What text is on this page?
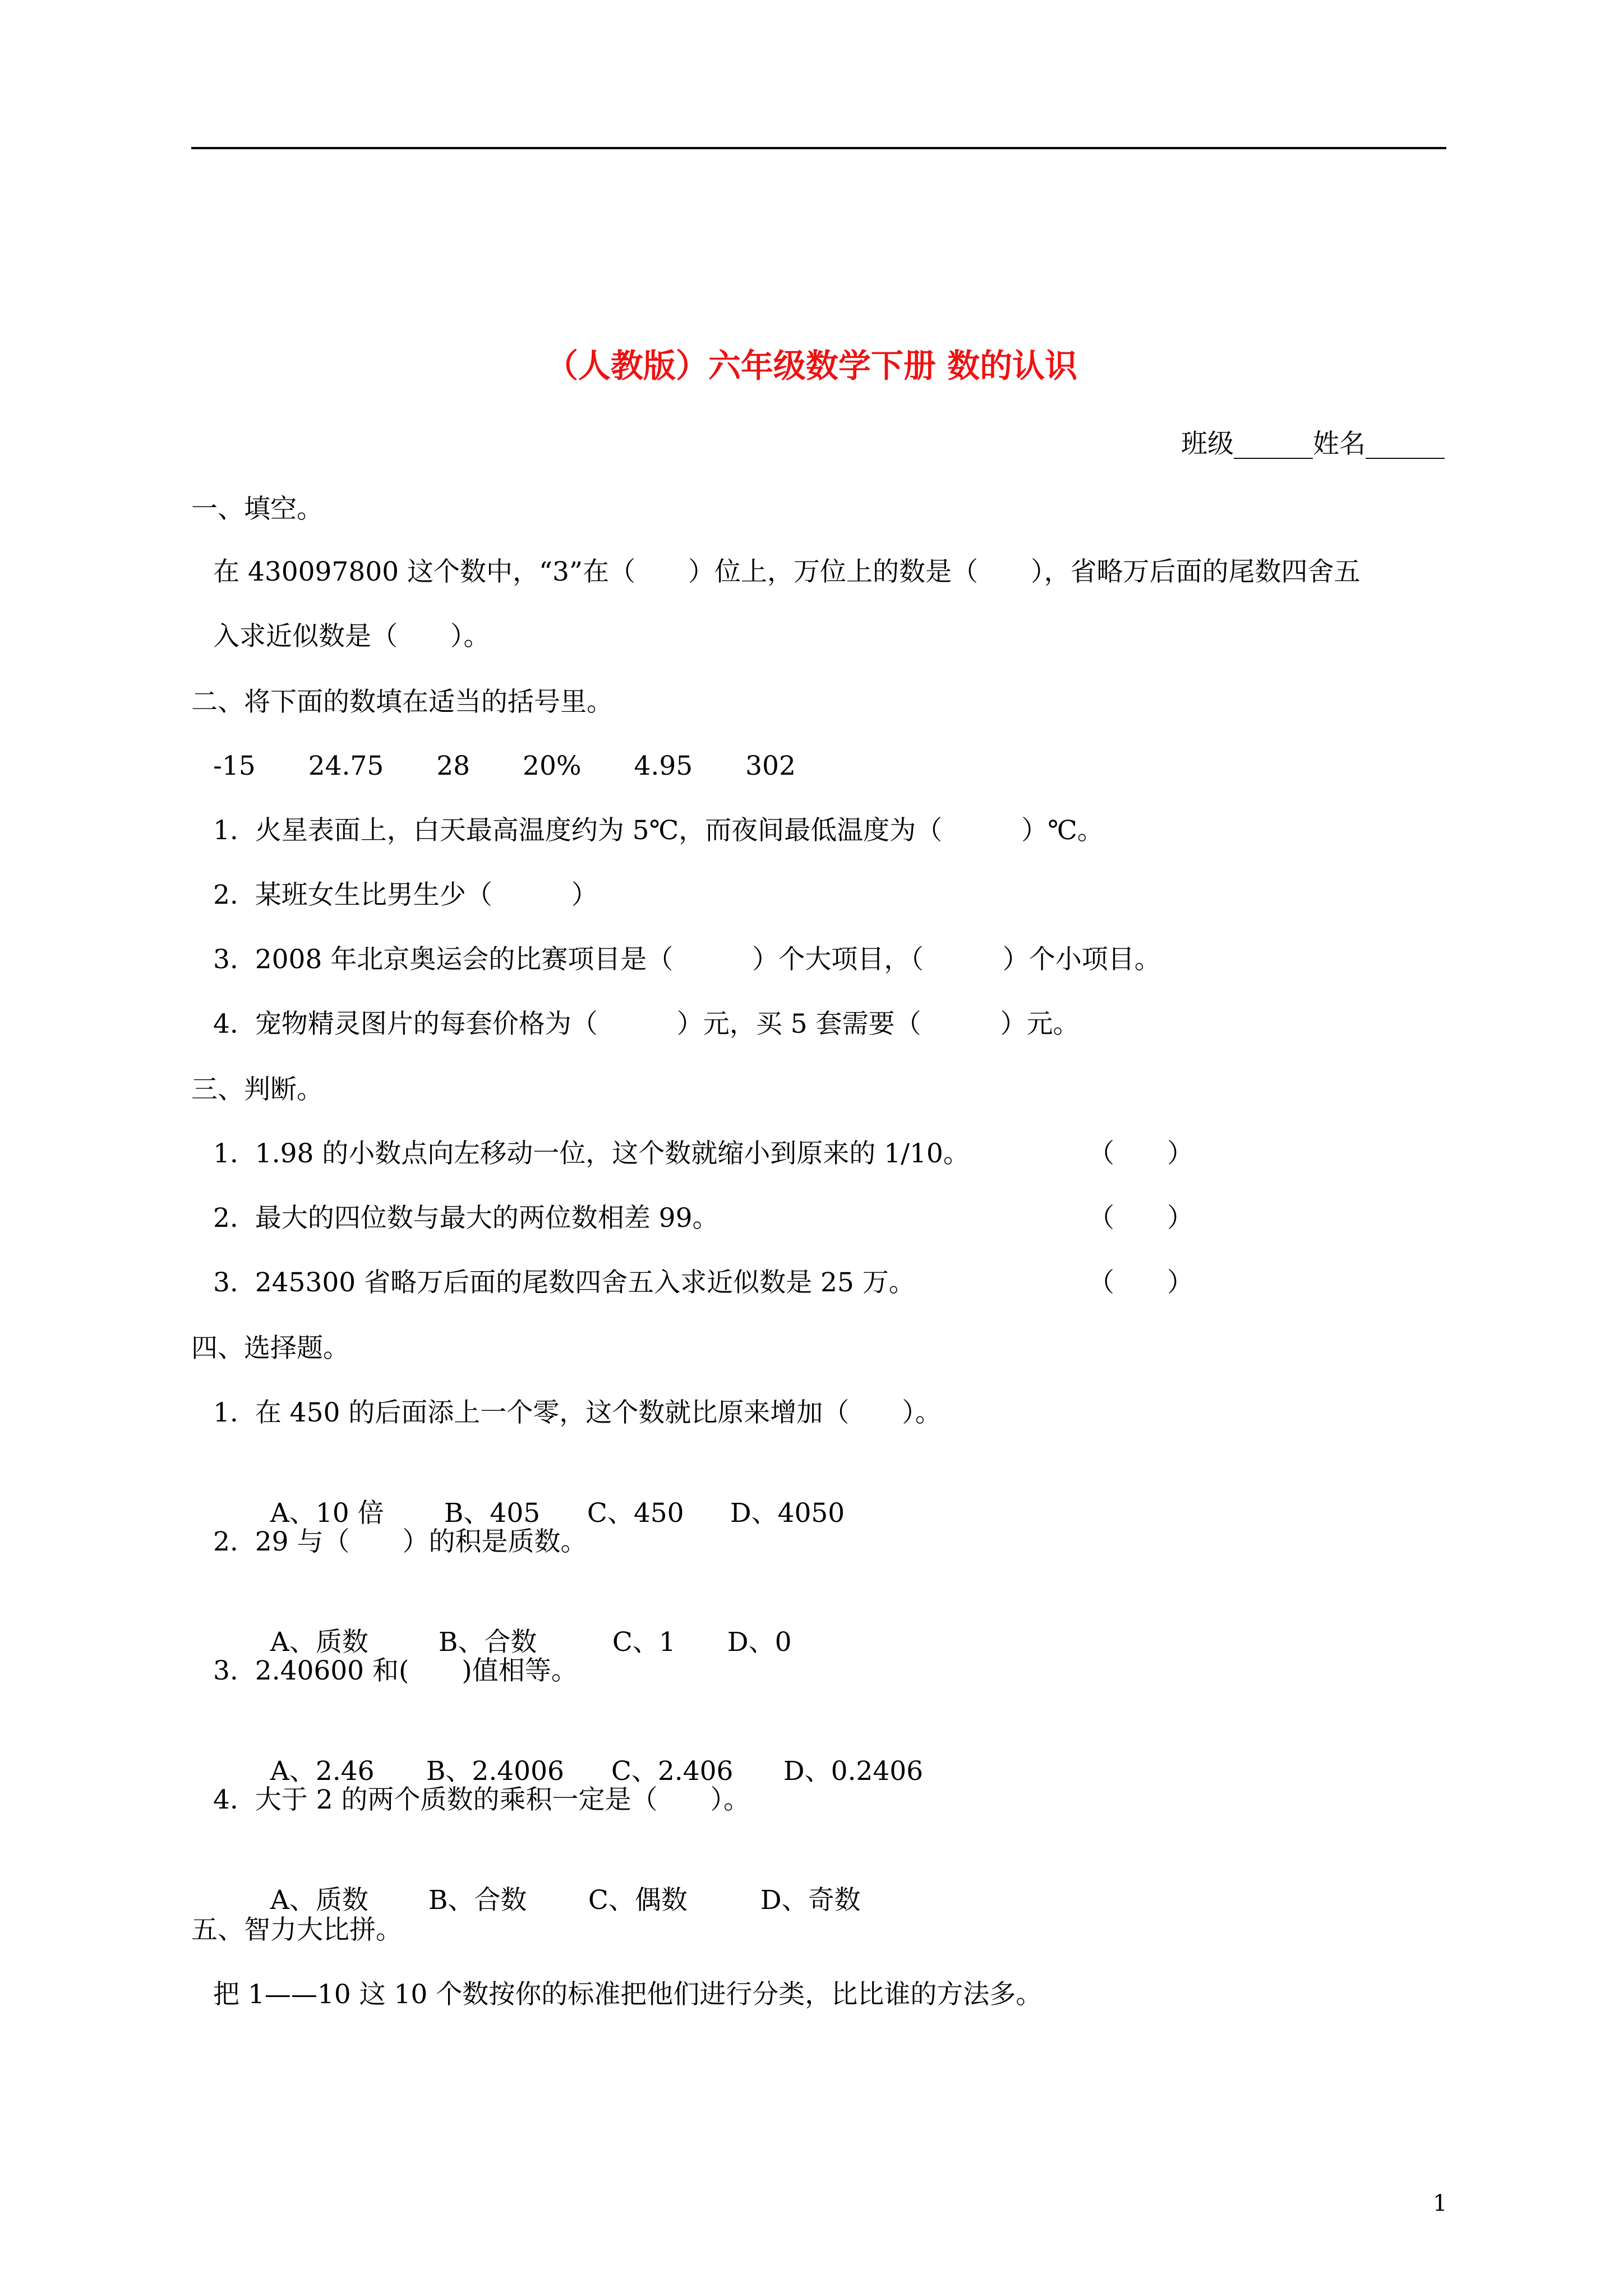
（人教版）六年级数学下册 数的认识
班级______姓名______
一、填空。
在 430097800 这个数中，“3”在（　　）位上，万位上的数是（　　），省略万后面的尾数四舍五
入求近似数是（　　）。
二、将下面的数填在适当的括号里。
-15　　24.75　　28　　20%　　4.95　　302
1.  火星表面上，白天最高温度约为 5℃，而夜间最低温度为（　　　）℃。
2.  某班女生比男生少（　　　）
3.  2008 年北京奥运会的比赛项目是（　　　）个大项目，（　　　）个小项目。
4.  宠物精灵图片的每套价格为（　　　）元，买 5 套需要（　　　）元。
三、判断。
1.  1.98 的小数点向左移动一位，这个数就缩小到原来的 1/10。	（　　）
2.  最大的四位数与最大的两位数相差 99。	（　　）
3.  245300 省略万后面的尾数四舍五入求近似数是 25 万。	（　　）
四、选择题。
1.  在 450 的后面添上一个零，这个数就比原来增加（　　）。

A、10 倍 B、405 C、450 D、4050

2.  29 与（　　）的积是质数。

A、质数	B、合数	C、1 D、0

3.  2.40600 和(　　)值相等。

A、2.46 B、2.4006 C、2.406 D、0.2406

4.  大于 2 的两个质数的乘积一定是（　　）。

A、质数 B、合数 C、偶数	D、奇数

五、智力大比拼。
把 1——10 这 10 个数按你的标准把他们进行分类，比比谁的方法多。
1
